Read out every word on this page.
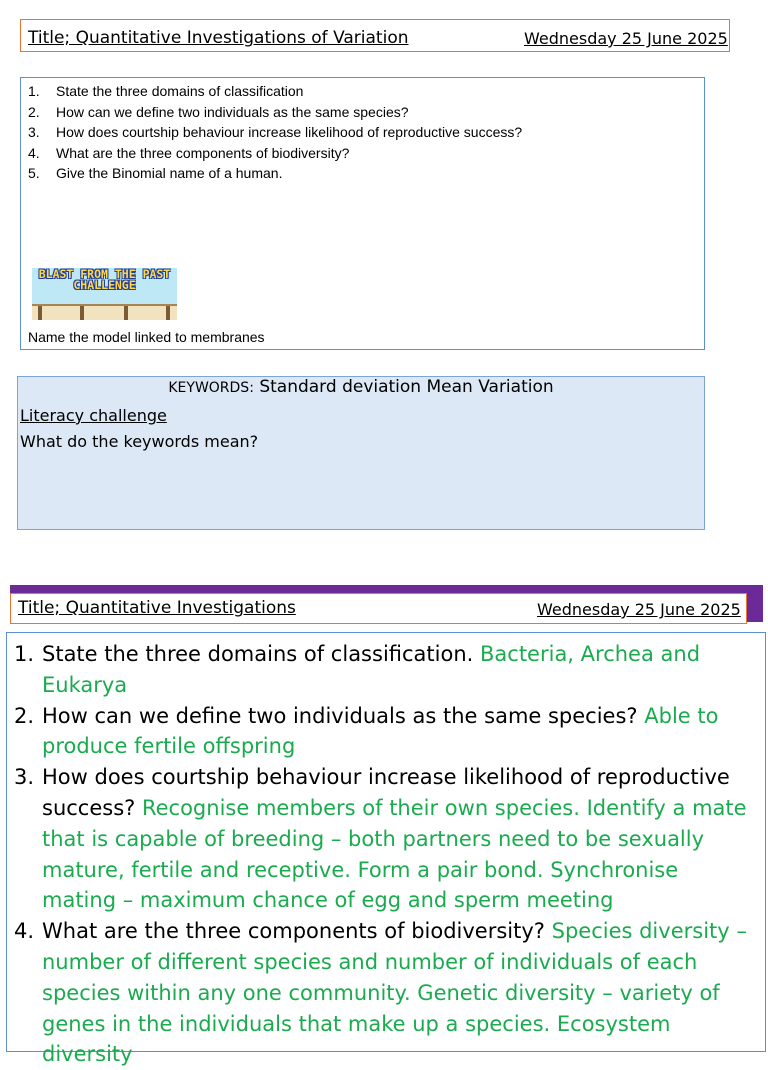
Title; Quantitative Investigations of Variation	Wednesday 25 June 2025
1. State the three domains of classification
2. How can we define two individuals as the same species?
3. How does courtship behaviour increase likelihood of reproductive success?
4. What are the three components of biodiversity?
5. Give the Binomial name of a human.
BLAST FROM THE PAST CHALLENGE
Name the model linked to membranes
KEYWORDS: Standard deviation Mean Variation
Literacy challenge
What do the keywords mean?
Title; Quantitative Investigations	Wednesday 25 June 2025
1. State the three domains of classification. Bacteria, Archea and Eukarya
2. How can we define two individuals as the same species? Able to produce fertile offspring
3. How does courtship behaviour increase likelihood of reproductive success? Recognise members of their own species. Identify a mate that is capable of breeding – both partners need to be sexually mature, fertile and receptive. Form a pair bond. Synchronise mating – maximum chance of egg and sperm meeting
4. What are the three components of biodiversity? Species diversity – number of different species and number of individuals of each species within any one community. Genetic diversity – variety of genes in the individuals that make up a species. Ecosystem diversity
